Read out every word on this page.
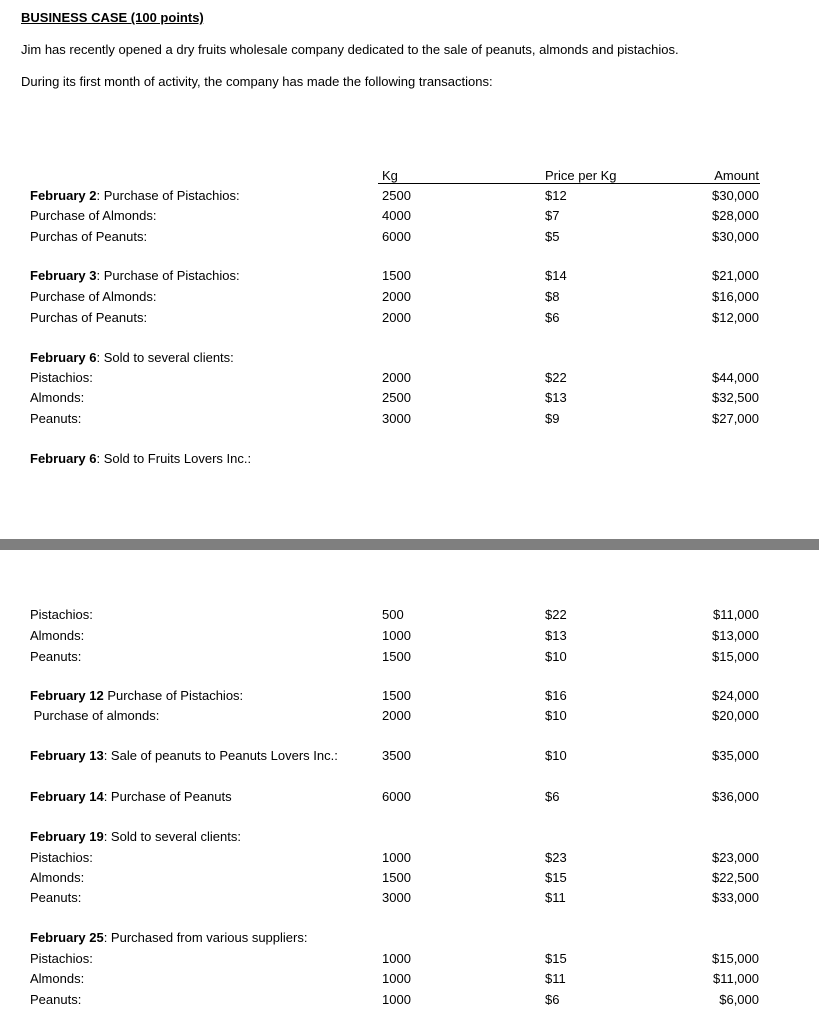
BUSINESS CASE (100 points)
Jim has recently opened a dry fruits wholesale company dedicated to the sale of peanuts, almonds and pistachios.
During its first month of activity, the company has made the following transactions:
Kg	Price per Kg	Amount
February 2: Purchase of Pistachios:	2500	$12	$30,000
Purchase of Almonds:	4000	$7	$28,000
Purchas of Peanuts:	6000	$5	$30,000
February 3: Purchase of Pistachios:	1500	$14	$21,000
Purchase of Almonds:	2000	$8	$16,000
Purchas of Peanuts:	2000	$6	$12,000
February 6: Sold to several clients:
Pistachios:	2000	$22	$44,000
Almonds:	2500	$13	$32,500
Peanuts:	3000	$9	$27,000
February 6: Sold to Fruits Lovers Inc.:
Pistachios:	500	$22	$11,000
Almonds:	1000	$13	$13,000
Peanuts:	1500	$10	$15,000
February 12 Purchase of Pistachios:	1500	$16	$24,000
Purchase of almonds:	2000	$10	$20,000
February 13: Sale of peanuts to Peanuts Lovers Inc.:	3500	$10	$35,000
February 14: Purchase of Peanuts	6000	$6	$36,000
February 19: Sold to several clients:
Pistachios:	1000	$23	$23,000
Almonds:	1500	$15	$22,500
Peanuts:	3000	$11	$33,000
February 25: Purchased from various suppliers:
Pistachios:	1000	$15	$15,000
Almonds:	1000	$11	$11,000
Peanuts:	1000	$6	$6,000
